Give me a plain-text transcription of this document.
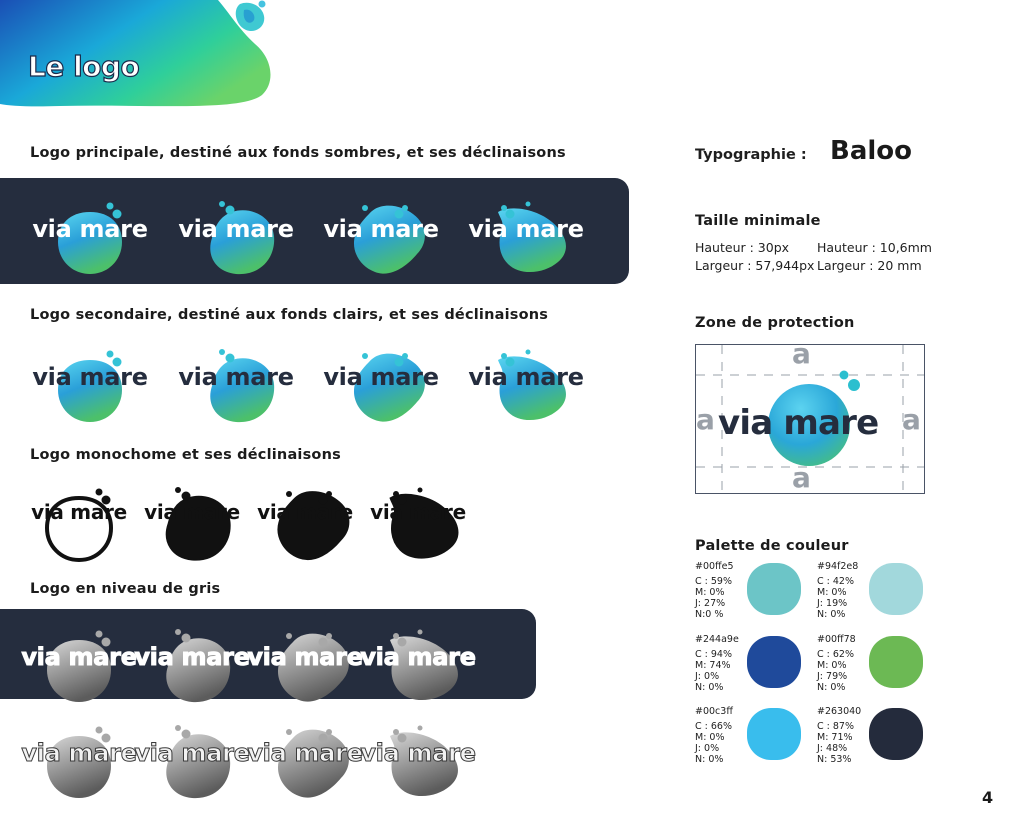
Le logo
Logo principale, destiné aux fonds sombres, et ses déclinaisons
Logo secondaire, destiné aux fonds clairs, et ses déclinaisons
Logo monochome et ses déclinaisons
Logo en niveau de gris
via mare via mare via mare via mare
via mare via mare via mare via mare
via mare via mare via mare via mare
via mare
via mare
via mare
via mare
via mare
via mare
via mare
via mare
Typographie : Baloo
Taille minimale
Hauteur : 30px
Largeur : 57,944px
Hauteur : 10,6mm
Largeur : 20 mm
Zone de protection
a
a
a	a
via mare
Palette de couleur
#00ffe5
C : 59%
M: 0%
J: 27%
N:0 %
#94f2e8
C : 42%
M: 0%
J: 19%
N: 0%
#244a9e
C : 94%
M: 74%
J: 0%
N: 0%
#00ff78
C : 62%
M: 0%
J: 79%
N: 0%
#00c3ff
C : 66%
M: 0%
J: 0%
N: 0%
#263040
C : 87%
M: 71%
J: 48%
N: 53%
4
